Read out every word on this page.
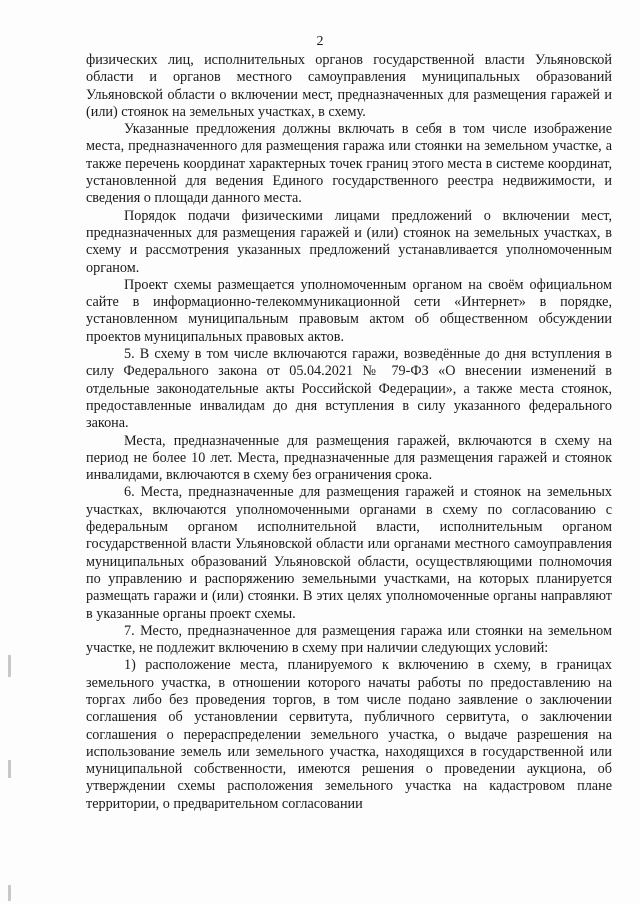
2

физических лиц, исполнительных органов государственной власти Ульяновской области и органов местного самоуправления муниципальных образований Ульяновской области о включении мест, предназначенных для размещения гаражей и (или) стоянок на земельных участках, в схему.

Указанные предложения должны включать в себя в том числе изображение места, предназначенного для размещения гаража или стоянки на земельном участке, а также перечень координат характерных точек границ этого места в системе координат, установленной для ведения Единого государственного реестра недвижимости, и сведения о площади данного места.

Порядок подачи физическими лицами предложений о включении мест, предназначенных для размещения гаражей и (или) стоянок на земельных участках, в схему и рассмотрения указанных предложений устанавливается уполномоченным органом.

Проект схемы размещается уполномоченным органом на своём официальном сайте в информационно-телекоммуникационной сети «Интернет» в порядке, установленном муниципальным правовым актом об общественном обсуждении проектов муниципальных правовых актов.

5. В схему в том числе включаются гаражи, возведённые до дня вступления в силу Федерального закона от 05.04.2021 № 79-ФЗ «О внесении изменений в отдельные законодательные акты Российской Федерации», а также места стоянок, предоставленные инвалидам до дня вступления в силу указанного федерального закона.

Места, предназначенные для размещения гаражей, включаются в схему на период не более 10 лет. Места, предназначенные для размещения гаражей и стоянок инвалидами, включаются в схему без ограничения срока.

6. Места, предназначенные для размещения гаражей и стоянок на земельных участках, включаются уполномоченными органами в схему по согласованию с федеральным органом исполнительной власти, исполнительным органом государственной власти Ульяновской области или органами местного самоуправления муниципальных образований Ульяновской области, осуществляющими полномочия по управлению и распоряжению земельными участками, на которых планируется размещать гаражи и (или) стоянки. В этих целях уполномоченные органы направляют в указанные органы проект схемы.

7. Место, предназначенное для размещения гаража или стоянки на земельном участке, не подлежит включению в схему при наличии следующих условий:

1) расположение места, планируемого к включению в схему, в границах земельного участка, в отношении которого начаты работы по предоставлению на торгах либо без проведения торгов, в том числе подано заявление о заключении соглашения об установлении сервитута, публичного сервитута, о заключении соглашения о перераспределении земельного участка, о выдаче разрешения на использование земель или земельного участка, находящихся в государственной или муниципальной собственности, имеются решения о проведении аукциона, об утверждении схемы расположения земельного участка на кадастровом плане территории, о предварительном согласовании
